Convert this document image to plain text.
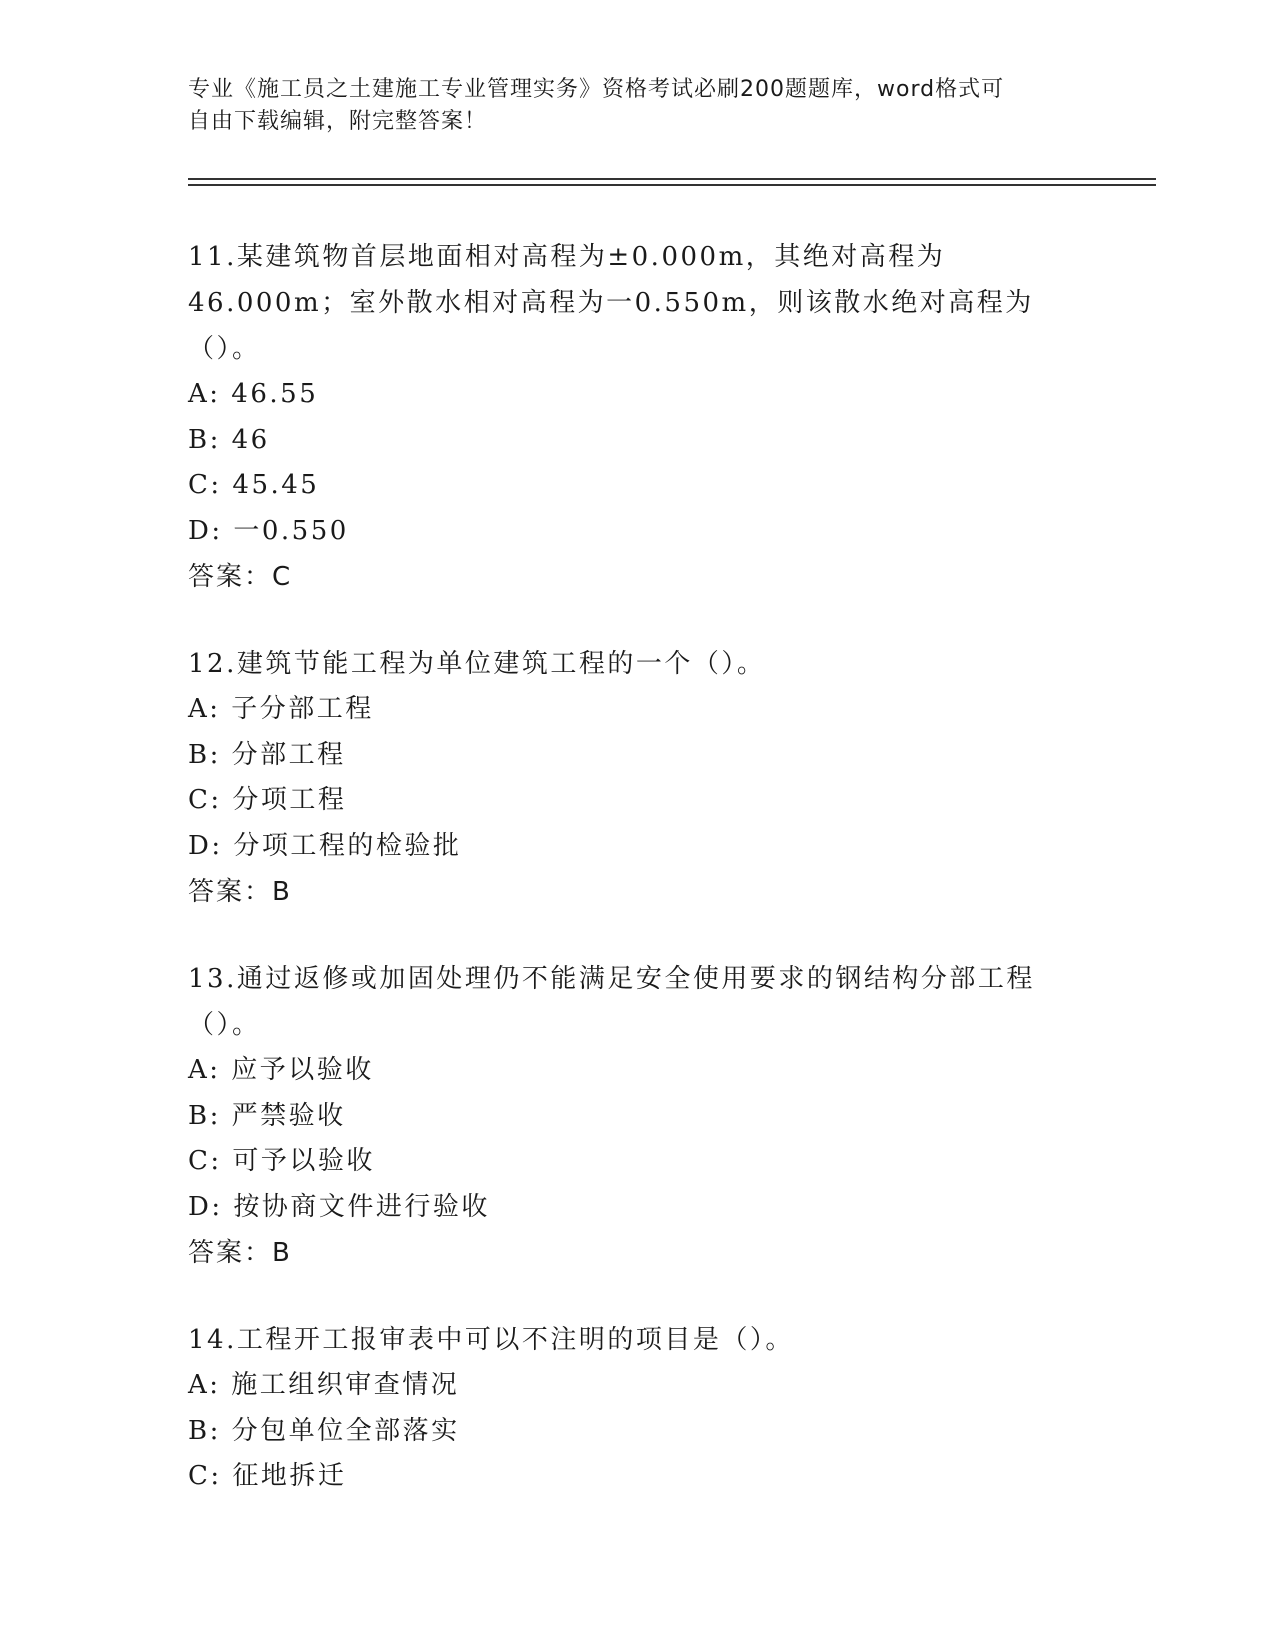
专业《施工员之土建施工专业管理实务》资格考试必刷200题题库，word格式可
自由下载编辑，附完整答案！

11.某建筑物首层地面相对高程为±0.000m，其绝对高程为46.000m；室外散水相对高程为一0.550m，则该散水绝对高程为（）。

A: 46.55

B: 46

C: 45.45

D: 一0.550

答案：C

12.建筑节能工程为单位建筑工程的一个（）。

A: 子分部工程

B: 分部工程

C: 分项工程

D: 分项工程的检验批

答案：B

13.通过返修或加固处理仍不能满足安全使用要求的钢结构分部工程（）。

A: 应予以验收

B: 严禁验收

C: 可予以验收

D: 按协商文件进行验收

答案：B

14.工程开工报审表中可以不注明的项目是（）。

A: 施工组织审查情况

B: 分包单位全部落实

C: 征地拆迁
